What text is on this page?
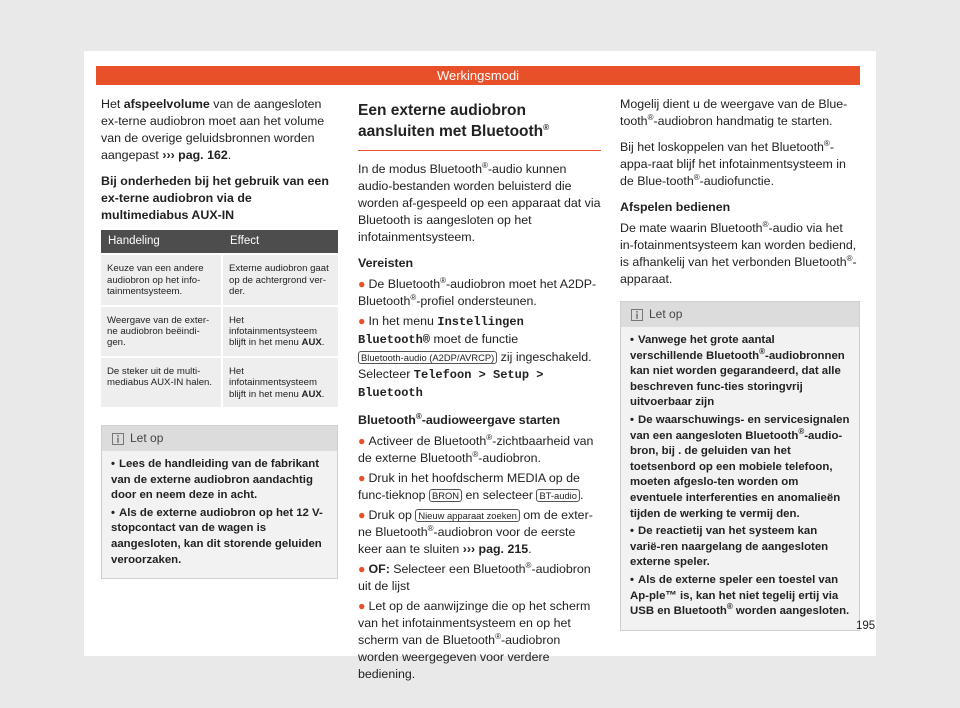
Werkingsmodi

Het afspeelvolume van de aangesloten ex-terne audiobron moet aan het volume van de overige geluidsbronnen worden aangepast ››› pag. 162.

Bij onderheden bij het gebruik van een ex-terne audiobron via de multimediabus AUX-IN

Handeling	Effect
Keuze van een andere audiobron op het info-tainmentsysteem.	Externe audiobron gaat op de achtergrond ver-der.
Weergave van de exter-ne audiobron beëindi-gen.	Het infotainmentsysteem blijft in het menu AUX.
De steker uit de multi-mediabus AUX-IN halen.	Het infotainmentsysteem blijft in het menu AUX.
Let op
• Lees de handleiding van de fabrikant van de externe audiobron aandachtig door en neem deze in acht.
• Als de externe audiobron op het 12 V-stopcontact van de wagen is aangesloten, kan dit storende geluiden veroorzaken.
Een externe audiobron aansluiten met Bluetooth®

In de modus Bluetooth®-audio kunnen audio-bestanden worden beluisterd die worden af-gespeeld op een apparaat dat via Bluetooth is aangesloten op het infotainmentsysteem.

Vereisten

● De Bluetooth®-audiobron moet het A2DP-Bluetooth®-profiel ondersteunen.

● In het menu Instellingen Bluetooth® moet de functie Bluetooth-audio (A2DP/AVRCP) zij ingeschakeld. Selecteer Telefoon > Setup > Bluetooth

Bluetooth®-audioweergave starten

● Activeer de Bluetooth®-zichtbaarheid van de externe Bluetooth®-audiobron.

● Druk in het hoofdscherm MEDIA op de func-tieknop BRON en selecteer BT-audio .

● Druk op Nieuw apparaat zoeken om de exter-ne Bluetooth®-audiobron voor de eerste keer aan te sluiten ››› pag. 215.

● OF: Selecteer een Bluetooth®-audiobron uit de lijst

● Let op de aanwijzinge die op het scherm van het infotainmentsysteem en op het scherm van de Bluetooth®-audiobron worden weergegeven voor verdere bediening.

Mogelij dient u de weergave van de Blue-tooth®-audiobron handmatig te starten.

Bij het loskoppelen van het Bluetooth®-appa-raat blijf het infotainmentsysteem in de Blue-tooth®-audiofunctie.

Afspelen bedienen

De mate waarin Bluetooth®-audio via het in-fotainmentsysteem kan worden bediend, is afhankelij van het verbonden Bluetooth®-apparaat.

Let op
• Vanwege het grote aantal verschillende Bluetooth®-audiobronnen kan niet worden gegarandeerd, dat alle beschreven func-ties storingvrij uitvoerbaar zijn
• De waarschuwings- en servicesignalen van een aangesloten Bluetooth®-audio-bron, bij . de geluiden van het toetsenbord op een mobiele telefoon, moeten afgeslo-ten worden om eventuele interferenties en anomalieën tijden de werking te vermij den.
• De reactietij van het systeem kan varië-ren naargelang de aangesloten externe speler.
• Als de externe speler een toestel van Ap-ple™ is, kan het niet tegelij ertij via USB en Bluetooth® worden aangesloten.
195
